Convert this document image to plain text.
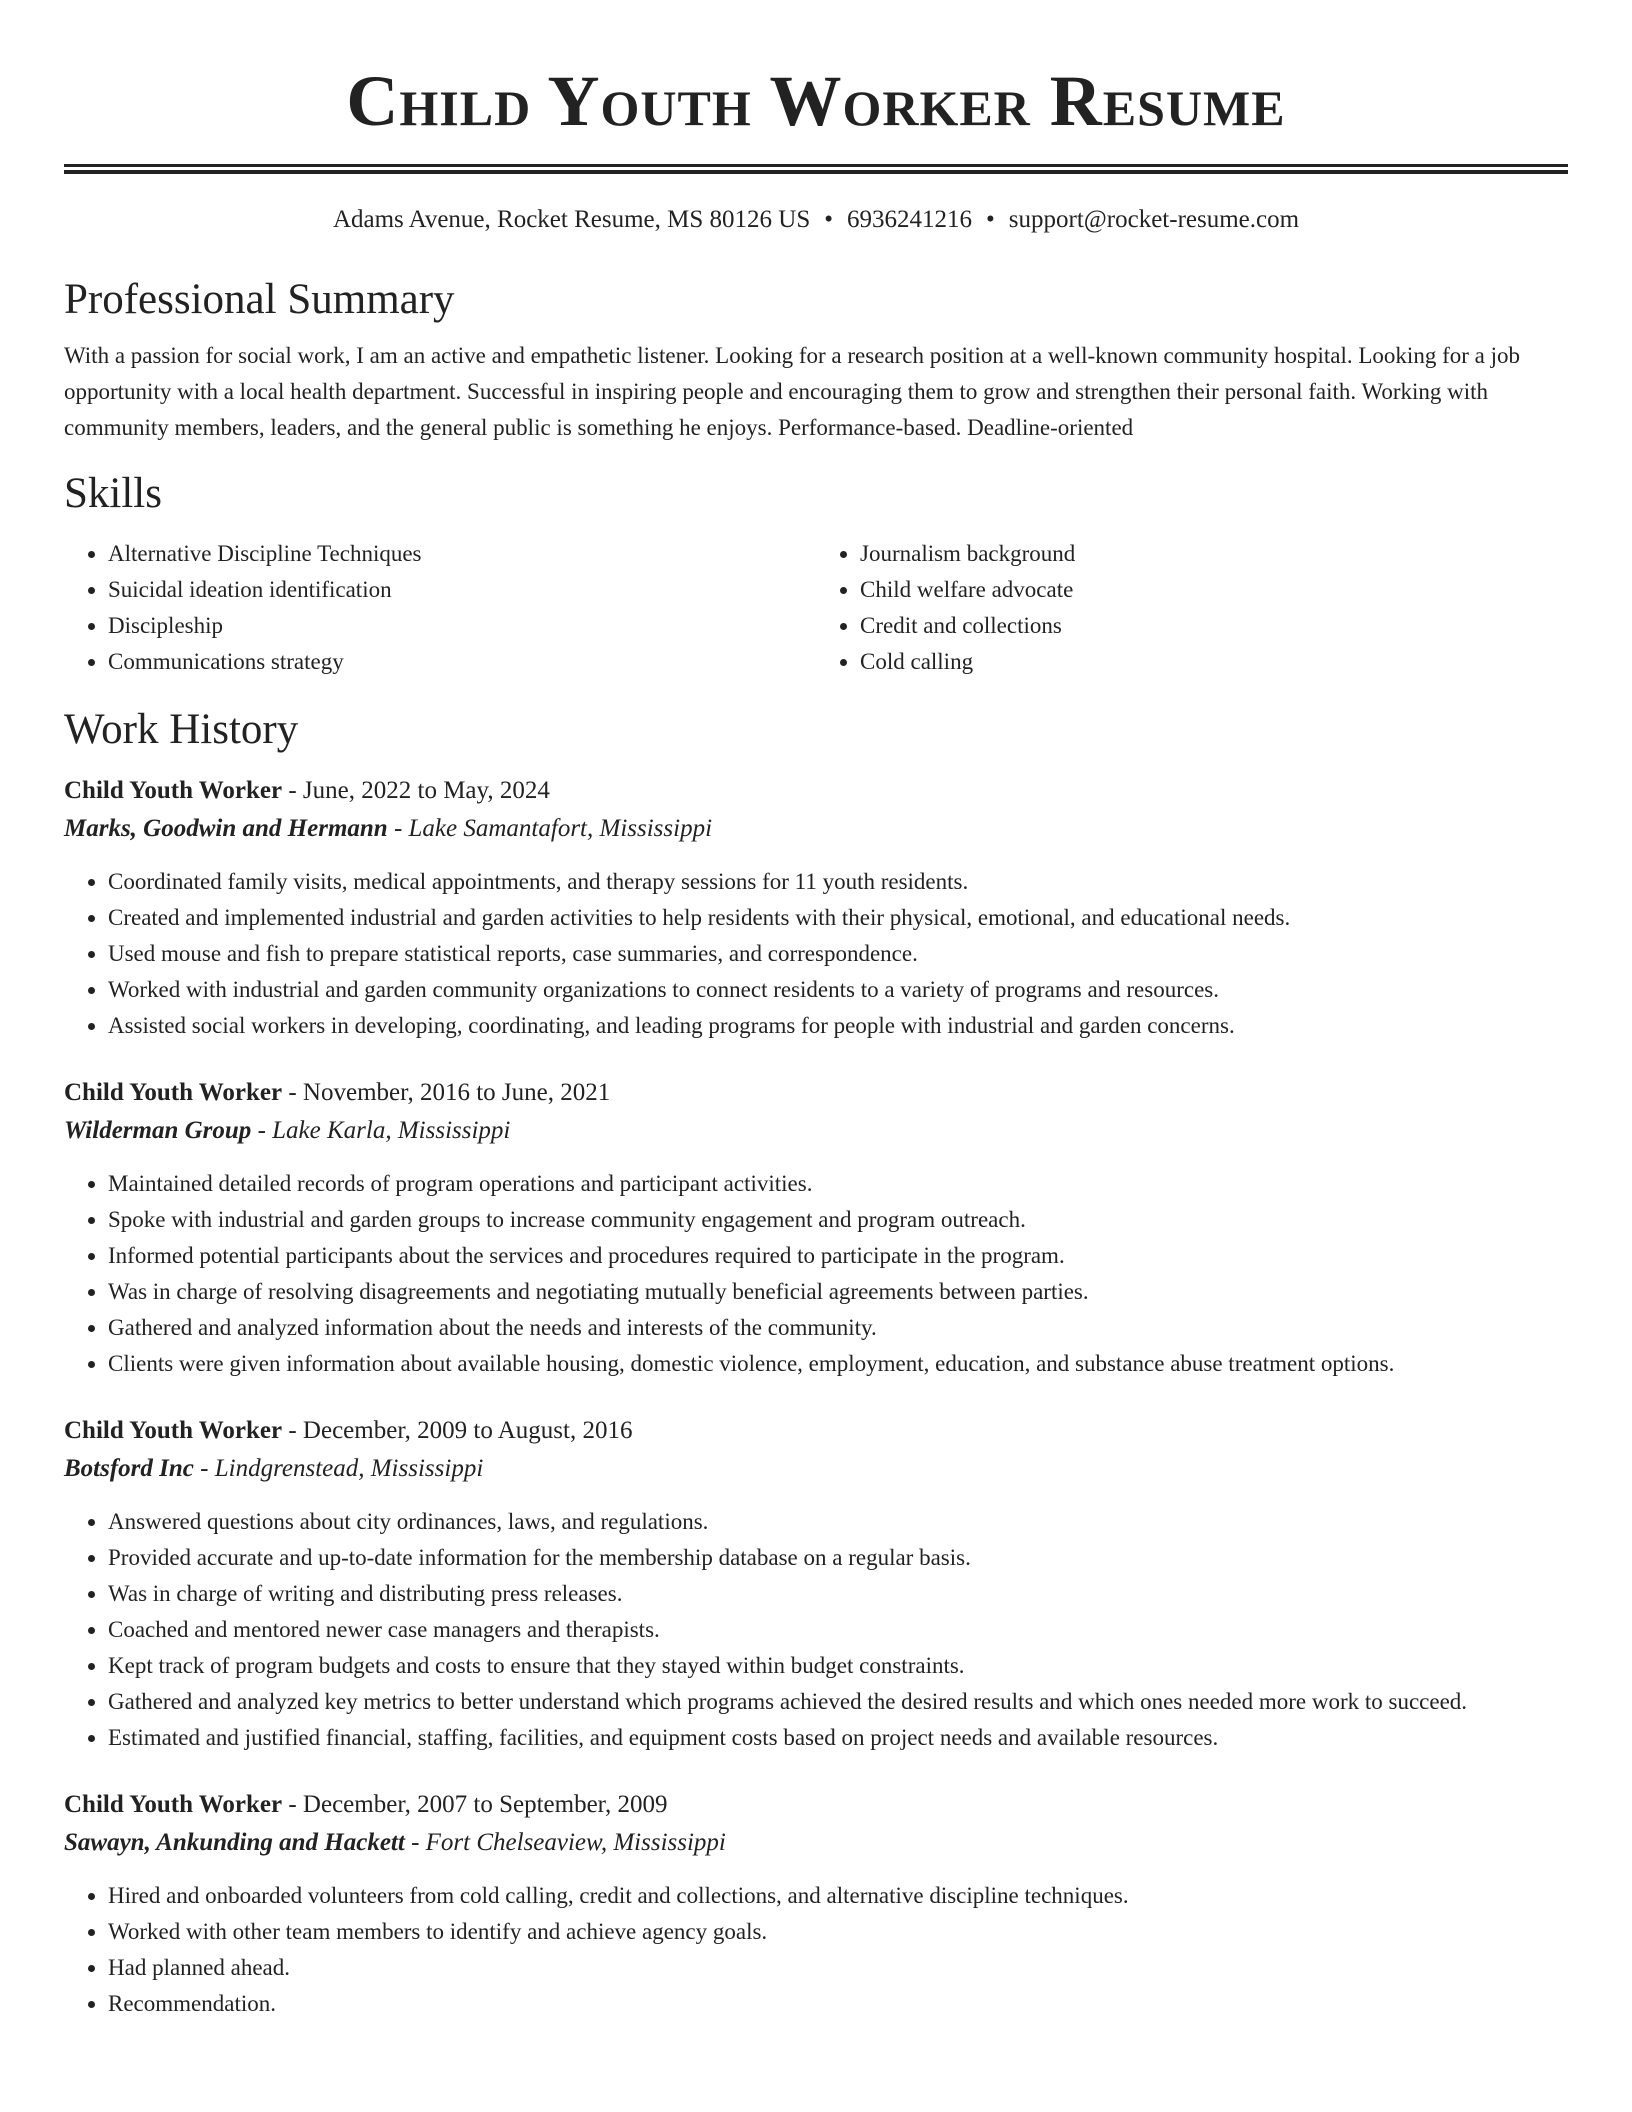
Child Youth Worker Resume
Adams Avenue, Rocket Resume, MS 80126 US • 6936241216 • support@rocket-resume.com
Professional Summary

With a passion for social work, I am an active and empathetic listener. Looking for a research position at a well-known community hospital. Looking for a job opportunity with a local health department. Successful in inspiring people and encouraging them to grow and strengthen their personal faith. Working with community members, leaders, and the general public is something he enjoys. Performance-based. Deadline-oriented

Skills
• Alternative Discipline Techniques
• Suicidal ideation identification
• Discipleship
• Communications strategy
• Journalism background
• Child welfare advocate
• Credit and collections
• Cold calling
Work History
Child Youth Worker - June, 2022 to May, 2024
Marks, Goodwin and Hermann - Lake Samantafort, Mississippi
• Coordinated family visits, medical appointments, and therapy sessions for 11 youth residents.
• Created and implemented industrial and garden activities to help residents with their physical, emotional, and educational needs.
• Used mouse and fish to prepare statistical reports, case summaries, and correspondence.
• Worked with industrial and garden community organizations to connect residents to a variety of programs and resources.
• Assisted social workers in developing, coordinating, and leading programs for people with industrial and garden concerns.
Child Youth Worker - November, 2016 to June, 2021
Wilderman Group - Lake Karla, Mississippi
• Maintained detailed records of program operations and participant activities.
• Spoke with industrial and garden groups to increase community engagement and program outreach.
• Informed potential participants about the services and procedures required to participate in the program.
• Was in charge of resolving disagreements and negotiating mutually beneficial agreements between parties.
• Gathered and analyzed information about the needs and interests of the community.
• Clients were given information about available housing, domestic violence, employment, education, and substance abuse treatment options.
Child Youth Worker - December, 2009 to August, 2016
Botsford Inc - Lindgrenstead, Mississippi
• Answered questions about city ordinances, laws, and regulations.
• Provided accurate and up-to-date information for the membership database on a regular basis.
• Was in charge of writing and distributing press releases.
• Coached and mentored newer case managers and therapists.
• Kept track of program budgets and costs to ensure that they stayed within budget constraints.
• Gathered and analyzed key metrics to better understand which programs achieved the desired results and which ones needed more work to succeed.
• Estimated and justified financial, staffing, facilities, and equipment costs based on project needs and available resources.
Child Youth Worker - December, 2007 to September, 2009
Sawayn, Ankunding and Hackett - Fort Chelseaview, Mississippi
• Hired and onboarded volunteers from cold calling, credit and collections, and alternative discipline techniques.
• Worked with other team members to identify and achieve agency goals.
• Had planned ahead.
• Recommendation.
